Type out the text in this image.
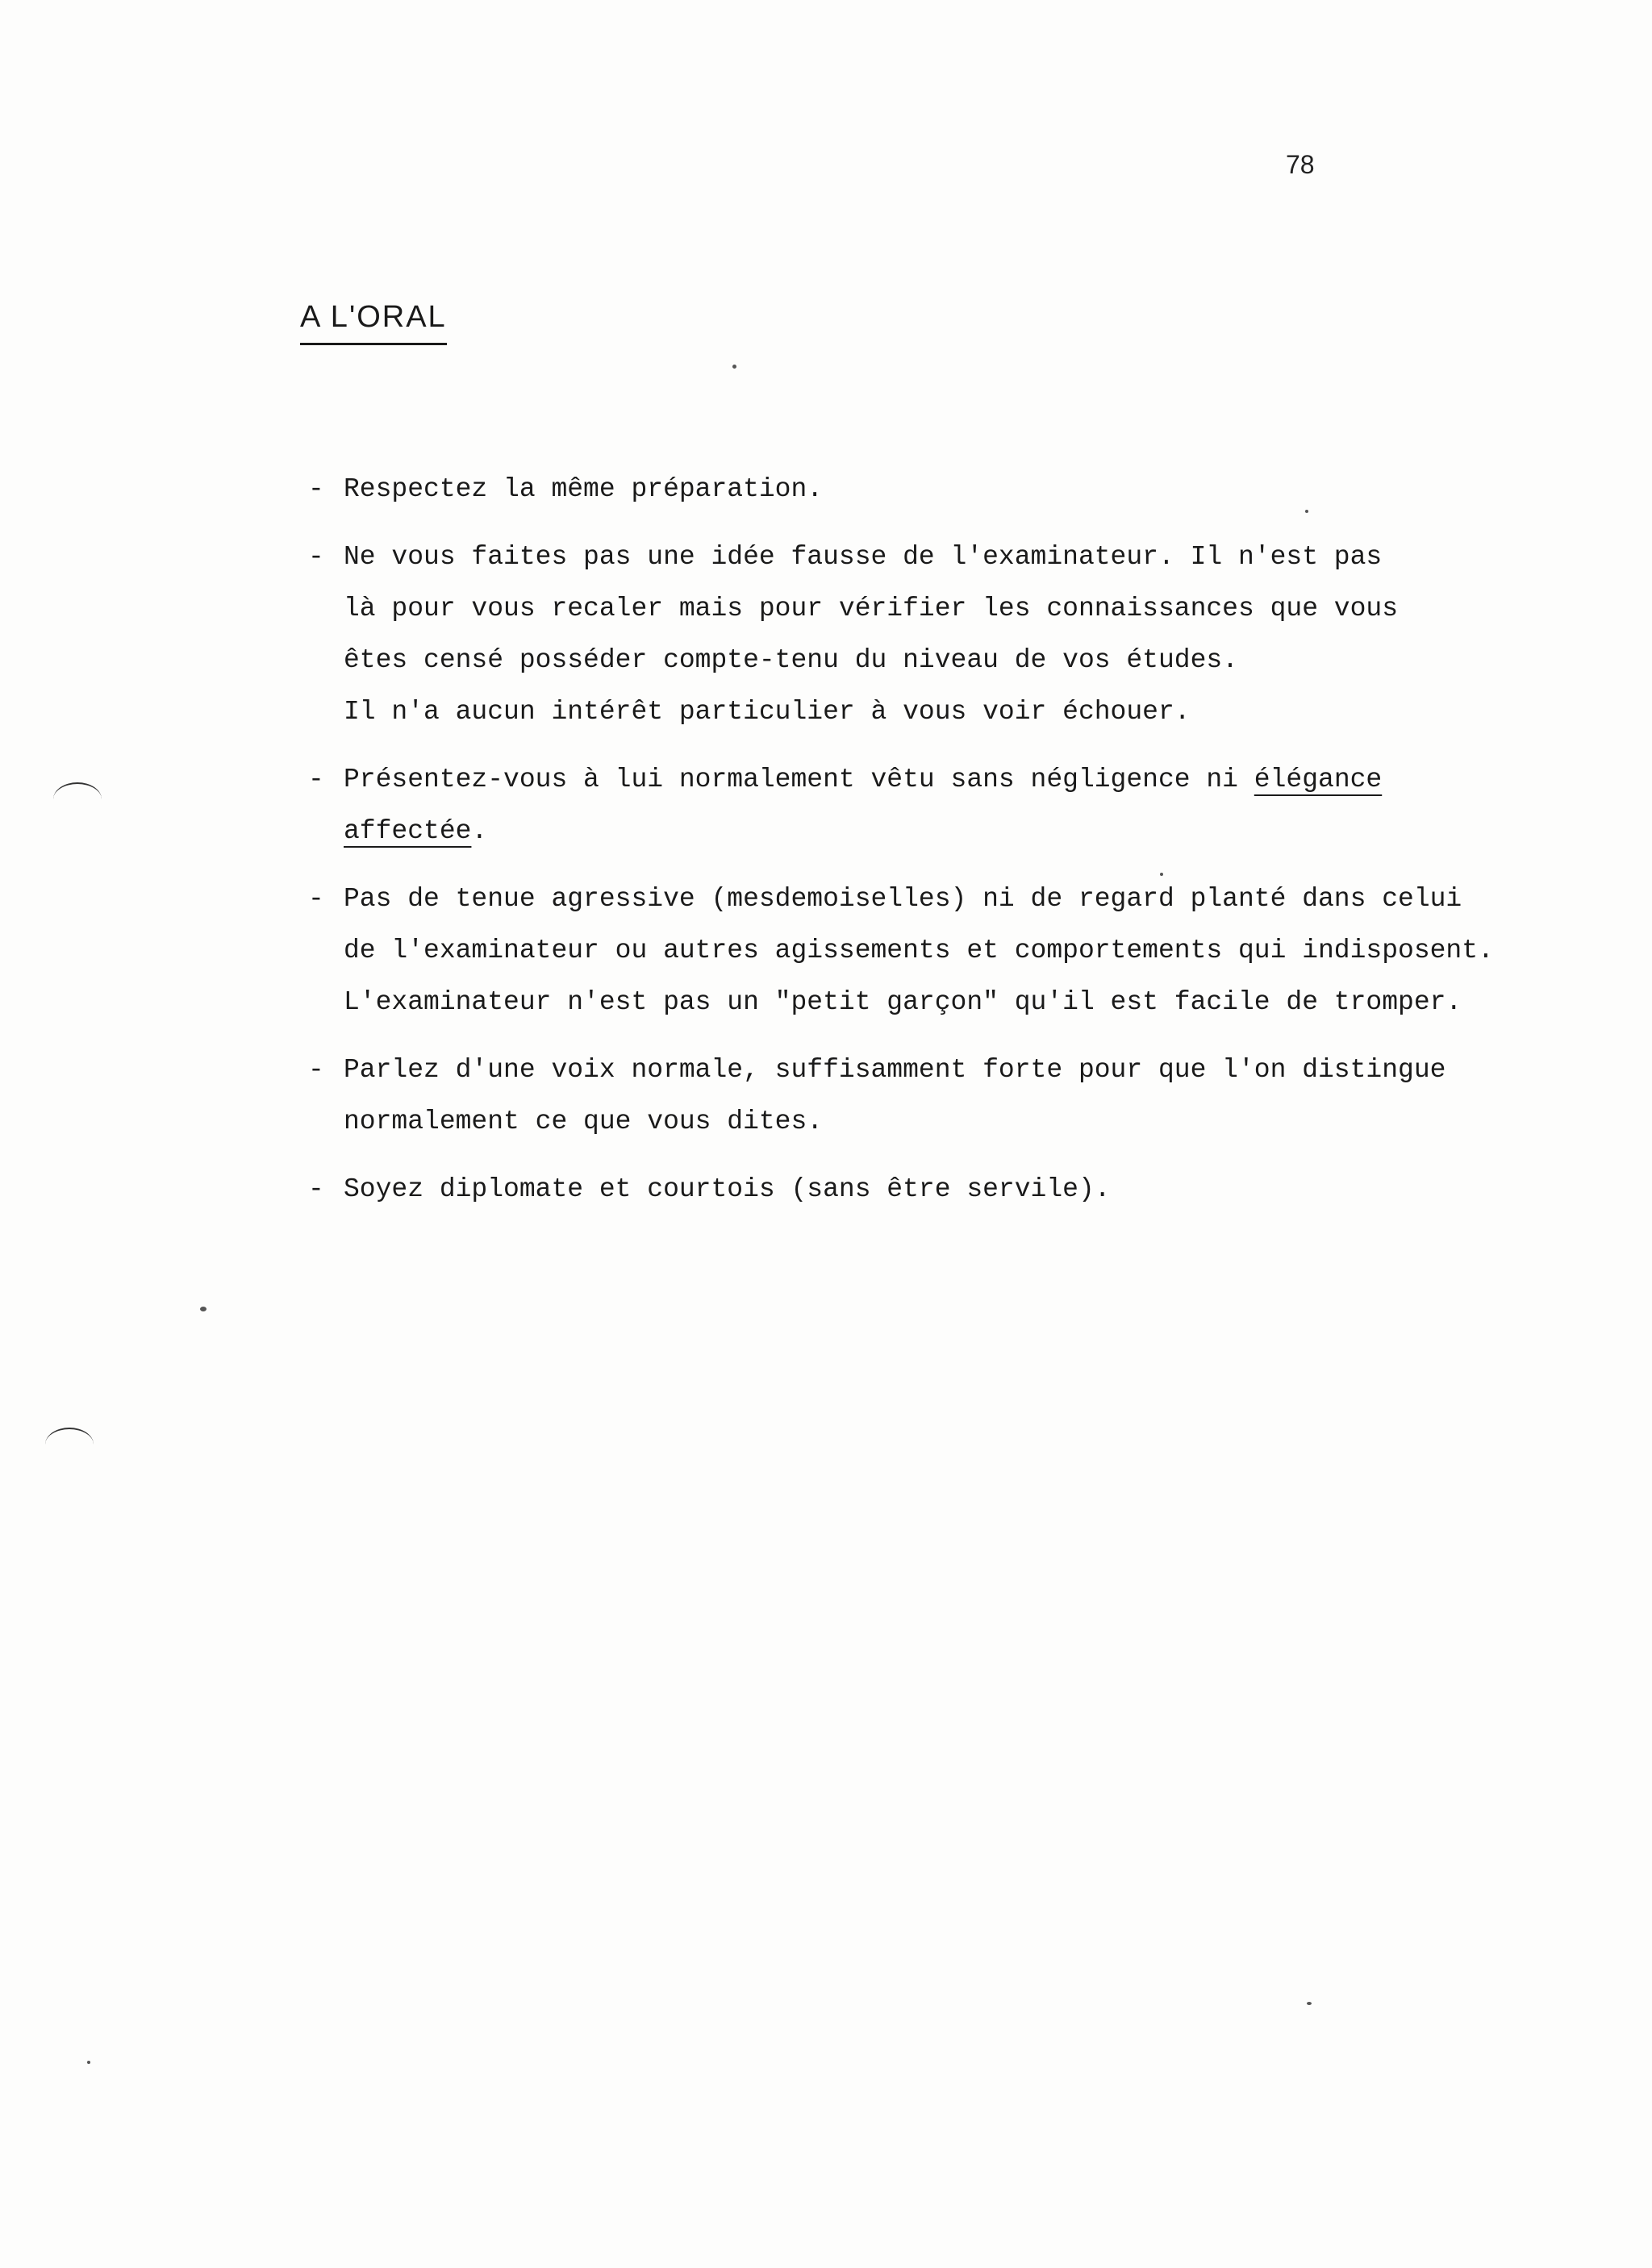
78
A L'ORAL
- Respectez la même préparation.
- Ne vous faites pas une idée fausse de l'examinateur. Il n'est pas
là pour vous recaler mais pour vérifier les connaissances que vous
êtes censé posséder compte-tenu du niveau de vos études.
Il n'a aucun intérêt particulier à vous voir échouer.
- Présentez-vous à lui normalement vêtu sans négligence ni élégance
affectée.
- Pas de tenue agressive (mesdemoiselles) ni de regard planté dans celui
de l'examinateur ou autres agissements et comportements qui indisposent.
L'examinateur n'est pas un "petit garçon" qu'il est facile de tromper.
- Parlez d'une voix normale, suffisamment forte pour que l'on distingue
normalement ce que vous dites.
- Soyez diplomate et courtois (sans être servile).
